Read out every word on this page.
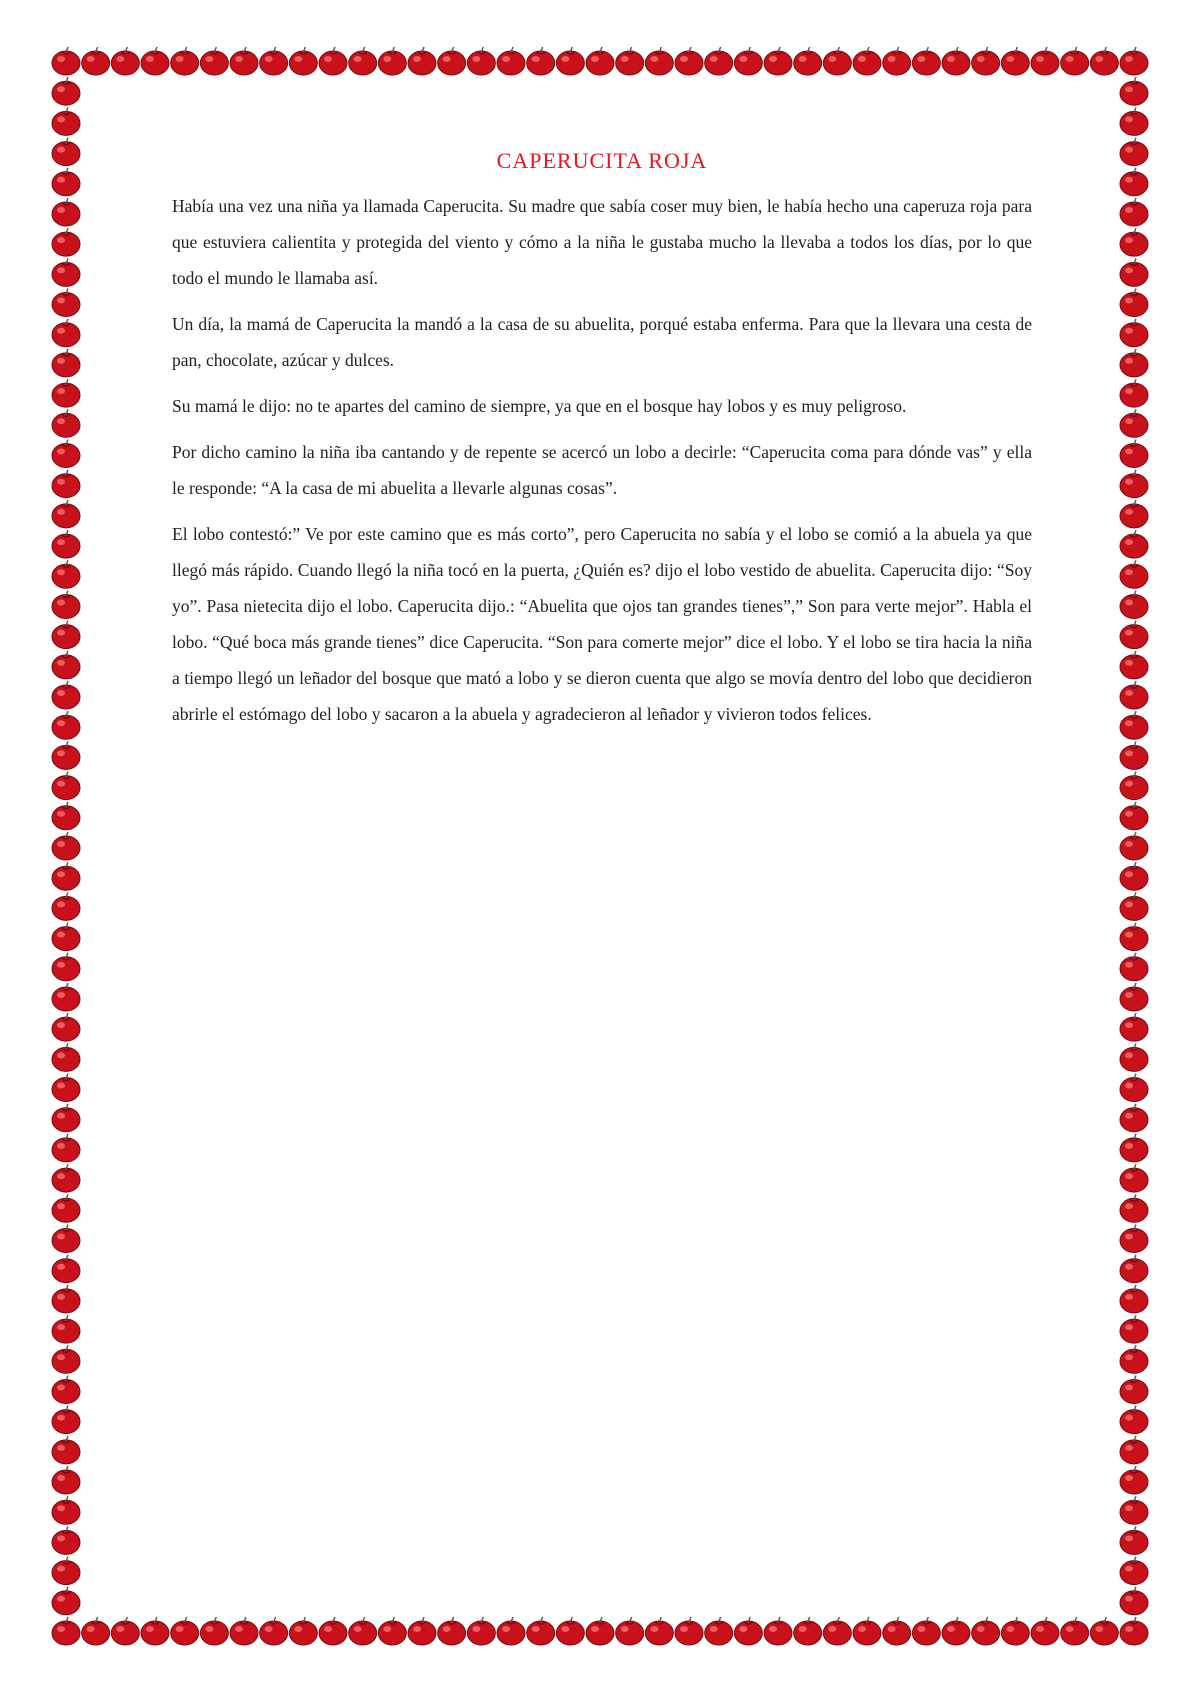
CAPERUCITA ROJA

Había una vez una niña ya llamada Caperucita. Su madre que sabía coser muy bien, le había hecho una caperuza roja para que estuviera calientita y protegida del viento y cómo a la niña le gustaba mucho la llevaba a todos los días, por lo que todo el mundo le llamaba así.

Un día, la mamá de Caperucita la mandó a la casa de su abuelita, porqué estaba enferma. Para que la llevara una cesta de pan, chocolate, azúcar y dulces.

Su mamá le dijo: no te apartes del camino de siempre, ya que en el bosque hay lobos y es muy peligroso.

Por dicho camino la niña iba cantando y de repente se acercó un lobo a decirle: “Caperucita coma para dónde vas” y ella le responde: “A la casa de mi abuelita a llevarle algunas cosas”.

El lobo contestó:” Ve por este camino que es más corto”, pero Caperucita no sabía y el lobo se comió a la abuela ya que llegó más rápido. Cuando llegó la niña tocó en la puerta, ¿Quién es? dijo el lobo vestido de abuelita. Caperucita dijo: “Soy yo”. Pasa nietecita dijo el lobo. Caperucita dijo.: “Abuelita que ojos tan grandes tienes”,” Son para verte mejor”. Habla el lobo. “Qué boca más grande tienes” dice Caperucita. “Son para comerte mejor” dice el lobo. Y el lobo se tira hacia la niña a tiempo llegó un leñador del bosque que mató a lobo y se dieron cuenta que algo se movía dentro del lobo que decidieron abrirle el estómago del lobo y sacaron a la abuela y agradecieron al leñador y vivieron todos felices.
